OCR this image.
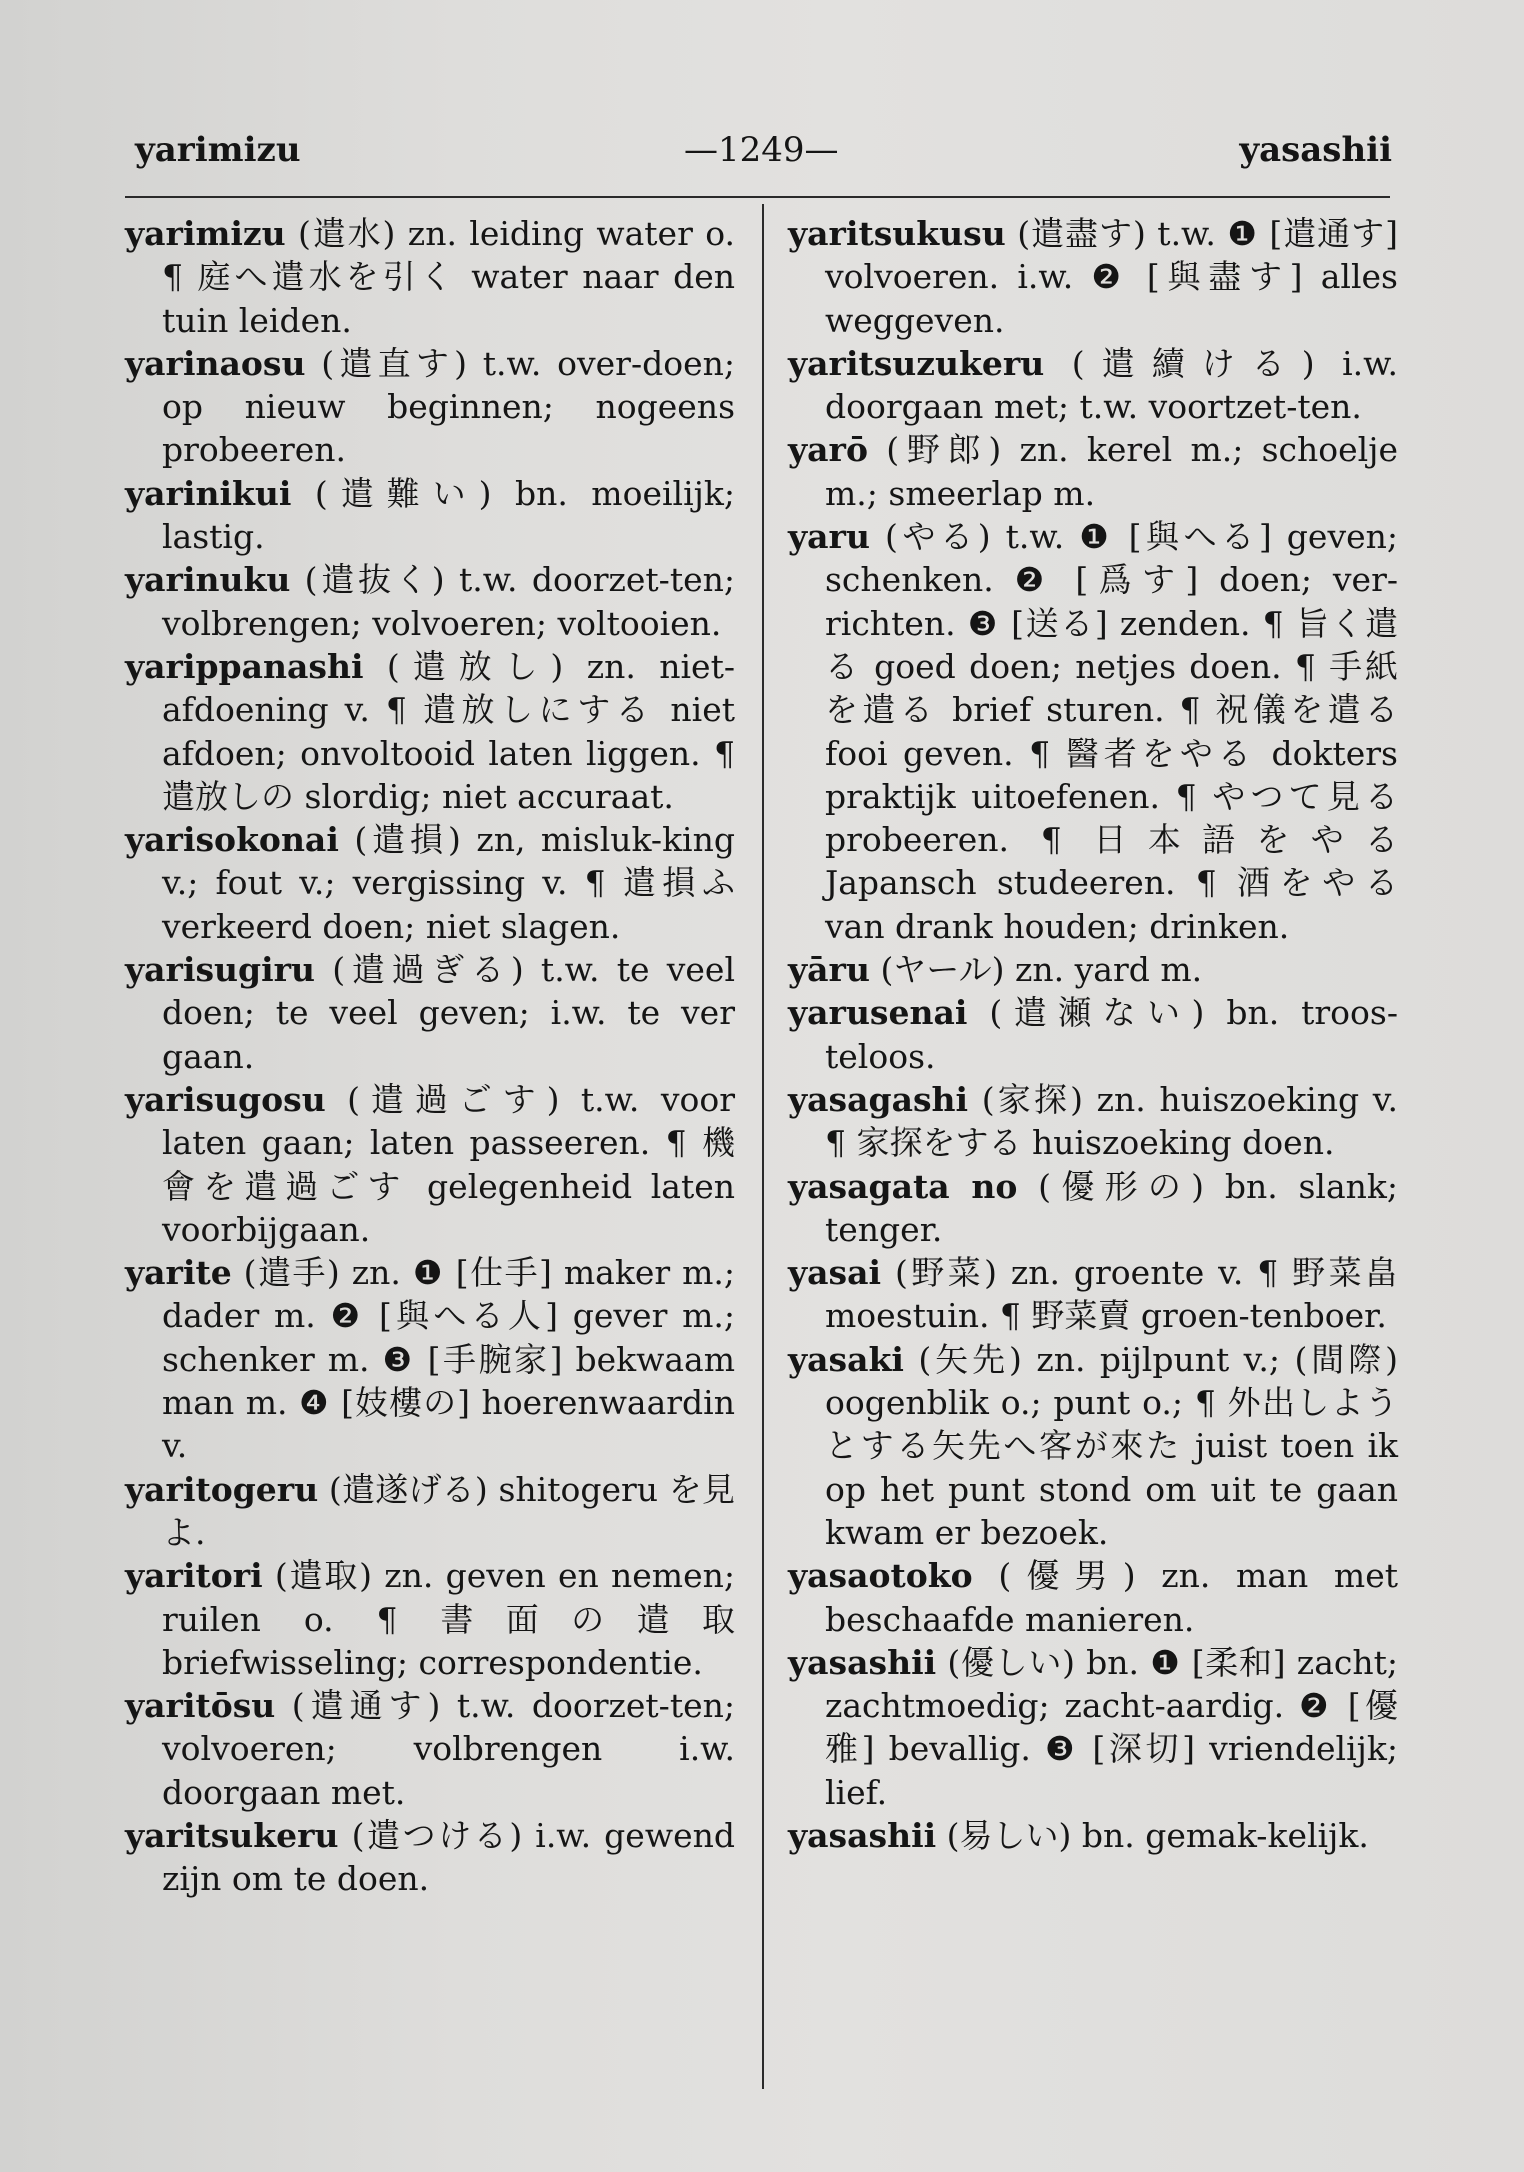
yarimizu	—1249—	yasashii
yarimizu (遣水) zn. leiding water o. ¶ 庭へ遣水を引く water naar den tuin leiden.
yarinaosu (遣直す) t.w. over-doen; op nieuw beginnen; nogeens probeeren.
yarinikui (遣難い) bn. moeilijk; lastig.
yarinuku (遣抜く) t.w. doorzet-ten; volbrengen; volvoeren; voltooien.
yarippanashi (遣放し) zn. niet-afdoening v. ¶ 遣放しにする niet afdoen; onvoltooid laten liggen. ¶ 遣放しの slordig; niet accuraat.
yarisokonai (遣損) zn, misluk-king v.; fout v.; vergissing v. ¶ 遣損ふ verkeerd doen; niet slagen.
yarisugiru (遣過ぎる) t.w. te veel doen; te veel geven; i.w. te ver gaan.
yarisugosu (遣過ごす) t.w. voor laten gaan; laten passeeren. ¶ 機會を遣過ごす gelegenheid laten voorbijgaan.
yarite (遣手) zn. ❶ [仕手] maker m.; dader m. ❷ [與へる人] gever m.; schenker m. ❸ [手腕家] bekwaam man m. ❹ [妓樓の] hoerenwaardin v.
yaritogeru (遣遂げる) shitogeru を見よ.
yaritori (遣取) zn. geven en nemen; ruilen o. ¶ 書面の遣取 briefwisseling; correspondentie.
yaritōsu (遣通す) t.w. doorzet-ten; volvoeren; volbrengen i.w. doorgaan met.
yaritsukeru (遣つける) i.w. gewend zijn om te doen.
yaritsukusu (遣盡す) t.w. ❶ [遣通す] volvoeren. i.w. ❷ [與盡す] alles weggeven.
yaritsuzukeru (遣續ける) i.w. doorgaan met; t.w. voortzet-ten.
yarō (野郎) zn. kerel m.; schoelje m.; smeerlap m.
yaru (やる) t.w. ❶ [與へる] geven; schenken. ❷ [爲す] doen; ver-richten. ❸ [送る] zenden. ¶ 旨く遣る goed doen; netjes doen. ¶ 手紙を遣る brief sturen. ¶ 祝儀を遣る fooi geven. ¶ 醫者をやる dokters praktijk uitoefenen. ¶ やつて見る probeeren. ¶ 日本語をやる Japansch studeeren. ¶ 酒をやる van drank houden; drinken.
yāru (ヤール) zn. yard m.
yarusenai (遣瀬ない) bn. troos-teloos.
yasagashi (家探) zn. huiszoeking v. ¶ 家探をする huiszoeking doen.
yasagata no (優形の) bn. slank; tenger.
yasai (野菜) zn. groente v. ¶ 野菜畠 moestuin. ¶ 野菜賣 groen-tenboer.
yasaki (矢先) zn. pijlpunt v.; (間際) oogenblik o.; punt o.; ¶ 外出しようとする矢先へ客が來た juist toen ik op het punt stond om uit te gaan kwam er bezoek.
yasaotoko (優男) zn. man met beschaafde manieren.
yasashii (優しい) bn. ❶ [柔和] zacht; zachtmoedig; zacht-aardig. ❷ [優雅] bevallig. ❸ [深切] vriendelijk; lief.
yasashii (易しい) bn. gemak-kelijk.
